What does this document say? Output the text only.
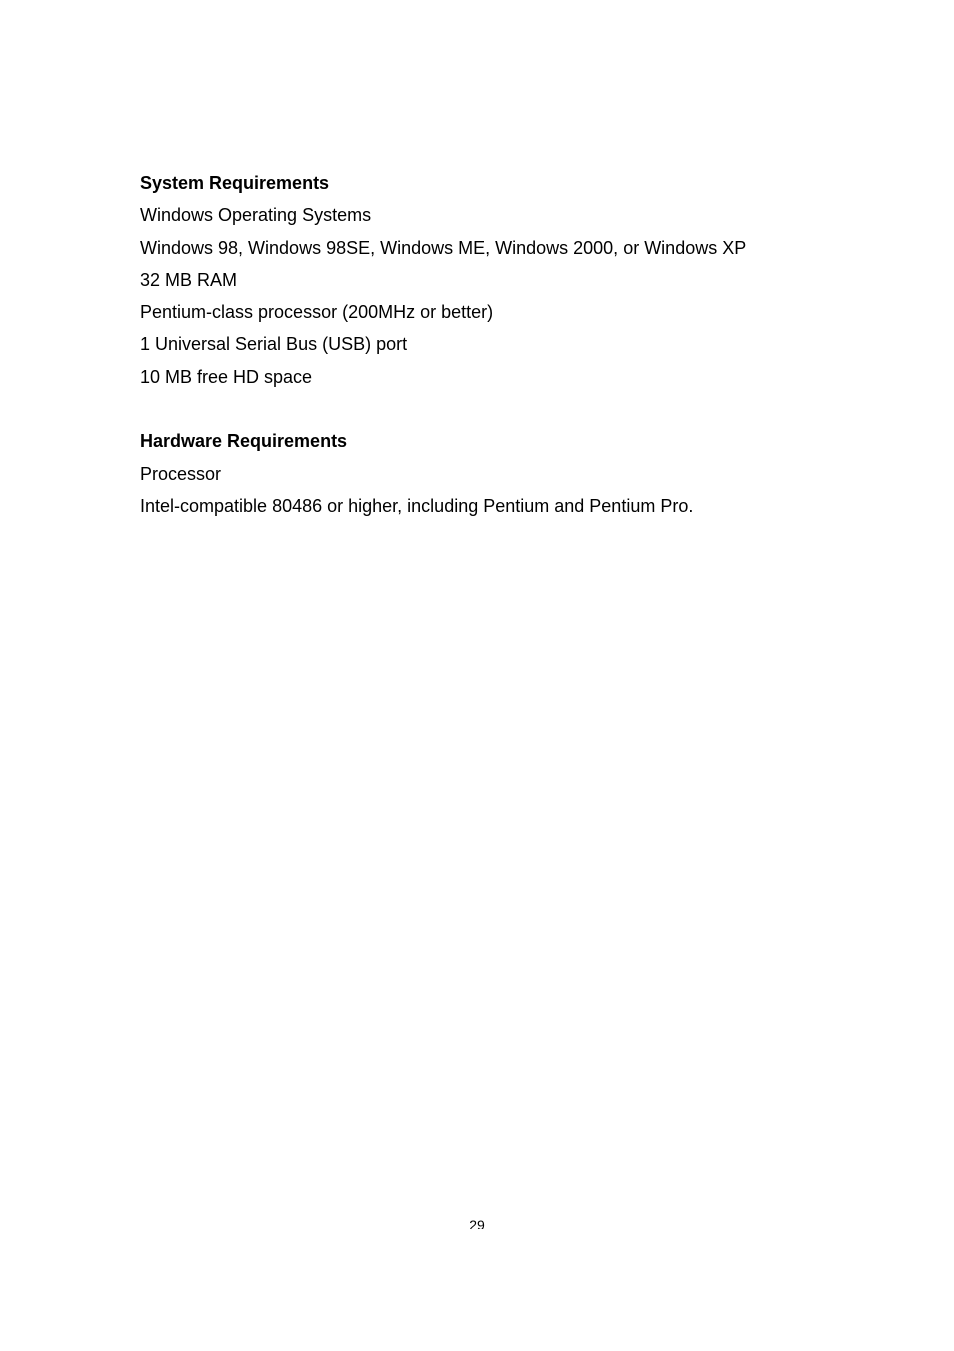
System Requirements
Windows Operating Systems
Windows 98, Windows 98SE, Windows ME, Windows 2000, or Windows XP
32 MB RAM
Pentium-class processor (200MHz or better)
1 Universal Serial Bus (USB) port
10 MB free HD space
Hardware Requirements
Processor
Intel-compatible 80486 or higher, including Pentium and Pentium Pro.
29
